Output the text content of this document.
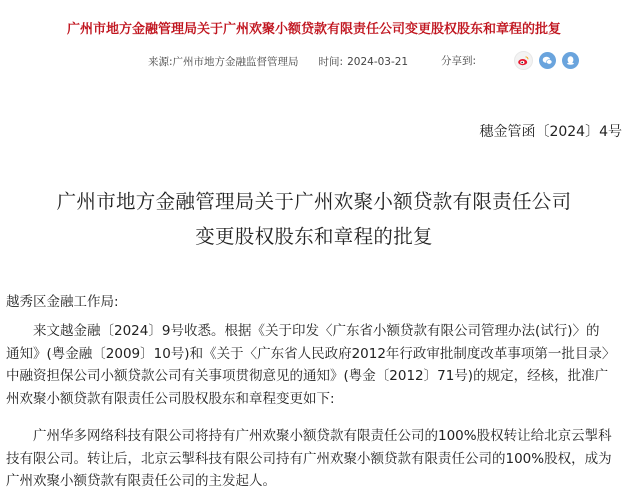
广州市地方金融管理局关于广州欢聚小额贷款有限责任公司变更股权股东和章程的批复
来源:广州市地方金融监督管理局 时间: 2024-03-21	分享到:
穗金管函〔2024〕4号
广州市地方金融管理局关于广州欢聚小额贷款有限责任公司
变更股权股东和章程的批复
越秀区金融工作局:
来文越金融〔2024〕9号收悉。根据《关于印发〈广东省小额贷款有限公司管理办法(试行)〉的
通知》(粤金融〔2009〕10号)和《关于〈广东省人民政府2012年行政审批制度改革事项第一批目录〉
中融资担保公司小额贷款公司有关事项贯彻意见的通知》(粤金〔2012〕71号)的规定，经核，批准广
州欢聚小额贷款有限责任公司股权股东和章程变更如下:
广州华多网络科技有限公司将持有广州欢聚小额贷款有限责任公司的100%股权转让给北京云掣科
技有限公司。转让后，北京云掣科技有限公司持有广州欢聚小额贷款有限责任公司的100%股权，成为
广州欢聚小额贷款有限责任公司的主发起人。
